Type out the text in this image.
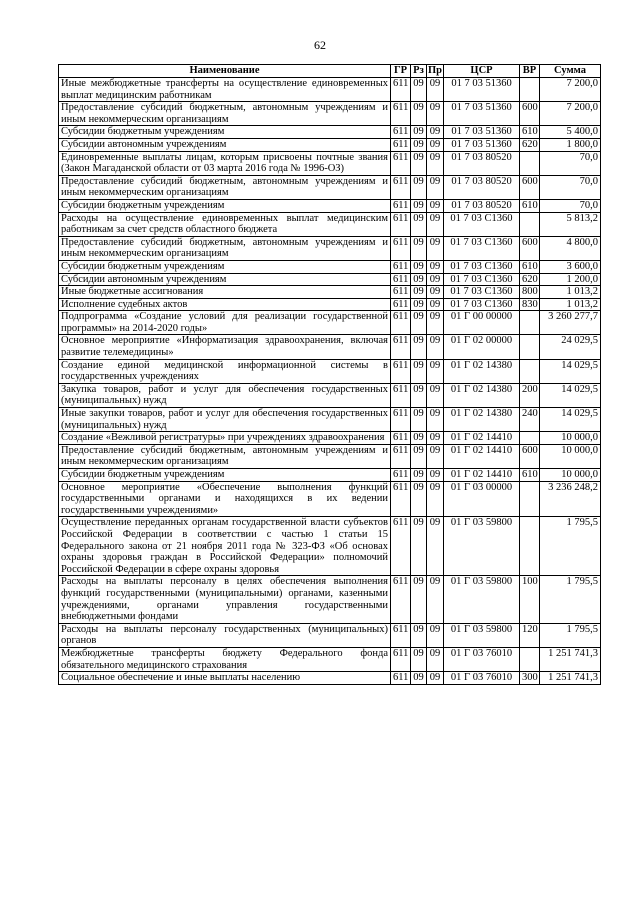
62
Наименование	ГР	Рз	Пр	ЦСР	ВР	Сумма
Иные межбюджетные трансферты на осуществление единовременных выплат медицинским работникам	611	09	09	01 7 03 51360		7 200,0
Предоставление субсидий бюджетным, автономным учреждениям и иным некоммерческим организациям	611	09	09	01 7 03 51360	600	7 200,0
Субсидии бюджетным учреждениям	611	09	09	01 7 03 51360	610	5 400,0
Субсидии автономным учреждениям	611	09	09	01 7 03 51360	620	1 800,0
Единовременные выплаты лицам, которым присвоены почтные звания (Закон Магаданской области от 03 марта 2016 года № 1996-ОЗ)	611	09	09	01 7 03 80520		70,0
Предоставление субсидий бюджетным, автономным учреждениям и иным некоммерческим организациям	611	09	09	01 7 03 80520	600	70,0
Субсидии бюджетным учреждениям	611	09	09	01 7 03 80520	610	70,0
Расходы на осуществление единовременных выплат медицинским работникам за счет средств областного бюджета	611	09	09	01 7 03 С1360		5 813,2
Предоставление субсидий бюджетным, автономным учреждениям и иным некоммерческим организациям	611	09	09	01 7 03 С1360	600	4 800,0
Субсидии бюджетным учреждениям	611	09	09	01 7 03 С1360	610	3 600,0
Субсидии автономным учреждениям	611	09	09	01 7 03 С1360	620	1 200,0
Иные бюджетные ассигнования	611	09	09	01 7 03 С1360	800	1 013,2
Исполнение судебных актов	611	09	09	01 7 03 С1360	830	1 013,2
Подпрограмма «Создание условий для реализации государственной программы» на 2014-2020 годы»	611	09	09	01 Г 00 00000		3 260 277,7
Основное мероприятие «Информатизация здравоохранения, включая развитие телемедицины»	611	09	09	01 Г 02 00000		24 029,5
Создание единой медицинской информационной системы в государственных учреждениях	611	09	09	01 Г 02 14380		14 029,5
Закупка товаров, работ и услуг для обеспечения государственных (муниципальных) нужд	611	09	09	01 Г 02 14380	200	14 029,5
Иные закупки товаров, работ и услуг для обеспечения государственных (муниципальных) нужд	611	09	09	01 Г 02 14380	240	14 029,5
Создание «Вежливой регистратуры» при учреждениях здравоохранения	611	09	09	01 Г 02 14410		10 000,0
Предоставление субсидий бюджетным, автономным учреждениям и иным некоммерческим организациям	611	09	09	01 Г 02 14410	600	10 000,0
Субсидии бюджетным учреждениям	611	09	09	01 Г 02 14410	610	10 000,0
Основное мероприятие «Обеспечение выполнения функций государственными органами и находящихся в их ведении государственными учреждениями»	611	09	09	01 Г 03 00000		3 236 248,2
Осуществление переданных органам государственной власти субъектов Российской Федерации в соответствии с частью 1 статьи 15 Федерального закона от 21 ноября 2011 года № 323-ФЗ «Об основах охраны здоровья граждан в Российской Федерации» полномочий Российской Федерации в сфере охраны здоровья	611	09	09	01 Г 03 59800		1 795,5
Расходы на выплаты персоналу в целях обеспечения выполнения функций государственными (муниципальными) органами, казенными учреждениями, органами управления государственными внебюджетными фондами	611	09	09	01 Г 03 59800	100	1 795,5
Расходы на выплаты персоналу государственных (муниципальных) органов	611	09	09	01 Г 03 59800	120	1 795,5
Межбюджетные трансферты бюджету Федерального фонда обязательного медицинского страхования	611	09	09	01 Г 03 76010		1 251 741,3
Социальное обеспечение и иные выплаты населению	611	09	09	01 Г 03 76010	300	1 251 741,3
